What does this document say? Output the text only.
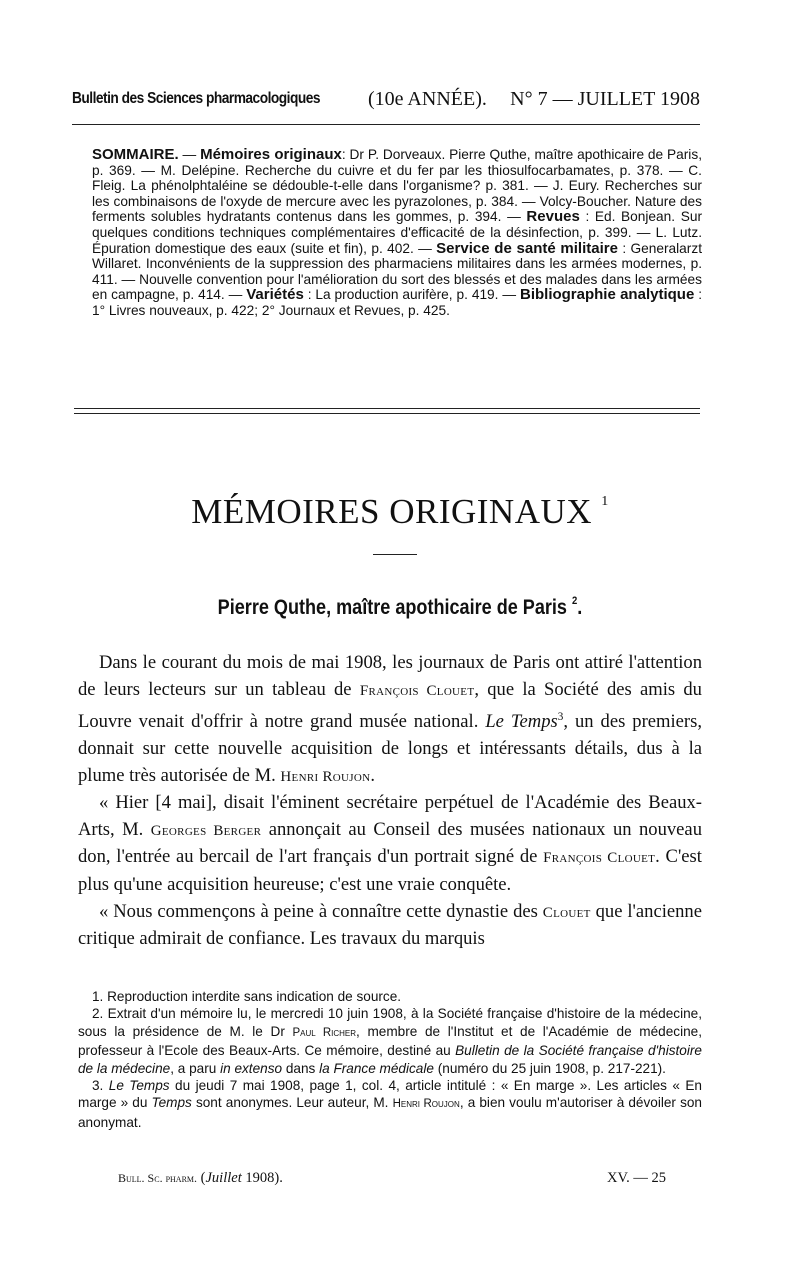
Bulletin des Sciences pharmacologiques (10e ANNÉE). N° 7 — JUILLET 1908
SOMMAIRE. — Mémoires originaux: Dr P. Dorveaux. Pierre Quthe, maître apothicaire de Paris, p. 369. — M. Delépine. Recherche du cuivre et du fer par les thiosulfocarbamates, p. 378. — C. Fleig. La phénolphtaléine se dédouble-t-elle dans l'organisme? p. 381. — J. Eury. Recherches sur les combinaisons de l'oxyde de mercure avec les pyrazolones, p. 384. — Volcy-Boucher. Nature des ferments solubles hydratants contenus dans les gommes, p. 394. — Revues : Ed. Bonjean. Sur quelques conditions techniques complémentaires d'efficacité de la désinfection, p. 399. — L. Lutz. Épuration domestique des eaux (suite et fin), p. 402. — Service de santé militaire : Generalarzt Willaret. Inconvénients de la suppression des pharmaciens militaires dans les armées modernes, p. 411. — Nouvelle convention pour l'amélioration du sort des blessés et des malades dans les armées en campagne, p. 414. — Variétés : La production aurifère, p. 419. — Bibliographie analytique : 1° Livres nouveaux, p. 422; 2° Journaux et Revues, p. 425.
MÉMOIRES ORIGINAUX $^1$
Pierre Quthe, maître apothicaire de Paris $^2$.

Dans le courant du mois de mai 1908, les journaux de Paris ont attiré l'attention de leurs lecteurs sur un tableau de François Clouet, que la Société des amis du Louvre venait d'offrir à notre grand musée national. Le Temps$^3$, un des premiers, donnait sur cette nouvelle acquisition de longs et intéressants détails, dus à la plume très autorisée de M. Henri Roujon.

« Hier [4 mai], disait l'éminent secrétaire perpétuel de l'Académie des Beaux-Arts, M. Georges Berger annonçait au Conseil des musées nationaux un nouveau don, l'entrée au bercail de l'art français d'un portrait signé de François Clouet. C'est plus qu'une acquisition heureuse; c'est une vraie conquête.

« Nous commençons à peine à connaître cette dynastie des Clouet que l'ancienne critique admirait de confiance. Les travaux du marquis

1. Reproduction interdite sans indication de source.

2. Extrait d'un mémoire lu, le mercredi 10 juin 1908, à la Société française d'histoire de la médecine, sous la présidence de M. le Dr Paul Richer, membre de l'Institut et de l'Académie de médecine, professeur à l'Ecole des Beaux-Arts. Ce mémoire, destiné au Bulletin de la Société française d'histoire de la médecine, a paru in extenso dans la France médicale (numéro du 25 juin 1908, p. 217-221).

3. Le Temps du jeudi 7 mai 1908, page 1, col. 4, article intitulé : « En marge ». Les articles « En marge » du Temps sont anonymes. Leur auteur, M. Henri Roujon, a bien voulu m'autoriser à dévoiler son anonymat.

Bull. Sc. pharm. (Juillet 1908).	XV. — 25
